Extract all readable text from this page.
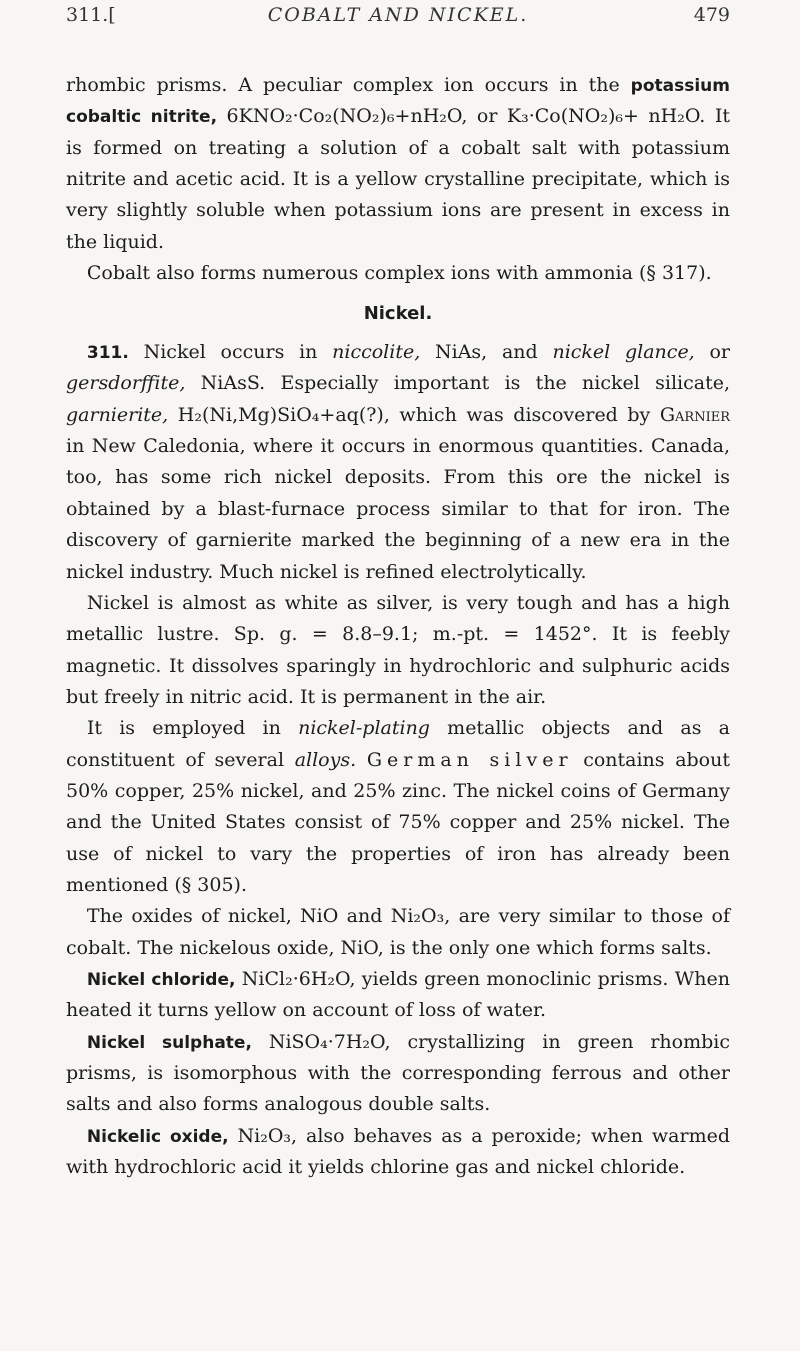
311.[	COBALT AND NICKEL.	479

rhombic prisms. A peculiar complex ion occurs in the potassium cobaltic nitrite, 6KNO₂·Co₂(NO₂)₆+nH₂O, or K₃·Co(NO₂)₆+ nH₂O. It is formed on treating a solution of a cobalt salt with potassium nitrite and acetic acid. It is a yellow crystalline precipitate, which is very slightly soluble when potassium ions are present in excess in the liquid.

Cobalt also forms numerous complex ions with ammonia (§ 317).

Nickel.

311. Nickel occurs in niccolite, NiAs, and nickel glance, or gersdorffite, NiAsS. Especially important is the nickel silicate, garnierite, H₂(Ni,Mg)SiO₄+aq(?), which was discovered by Garnier in New Caledonia, where it occurs in enormous quantities. Canada, too, has some rich nickel deposits. From this ore the nickel is obtained by a blast-furnace process similar to that for iron. The discovery of garnierite marked the beginning of a new era in the nickel industry. Much nickel is refined electrolytically.

Nickel is almost as white as silver, is very tough and has a high metallic lustre. Sp. g. = 8.8–9.1; m.-pt. = 1452°. It is feebly magnetic. It dissolves sparingly in hydrochloric and sulphuric acids but freely in nitric acid. It is permanent in the air.

It is employed in nickel-plating metallic objects and as a constituent of several alloys. German silver contains about 50% copper, 25% nickel, and 25% zinc. The nickel coins of Germany and the United States consist of 75% copper and 25% nickel. The use of nickel to vary the properties of iron has already been mentioned (§ 305).

The oxides of nickel, NiO and Ni₂O₃, are very similar to those of cobalt. The nickelous oxide, NiO, is the only one which forms salts.

Nickel chloride, NiCl₂·6H₂O, yields green monoclinic prisms. When heated it turns yellow on account of loss of water.

Nickel sulphate, NiSO₄·7H₂O, crystallizing in green rhombic prisms, is isomorphous with the corresponding ferrous and other salts and also forms analogous double salts.

Nickelic oxide, Ni₂O₃, also behaves as a peroxide; when warmed with hydrochloric acid it yields chlorine gas and nickel chloride.
